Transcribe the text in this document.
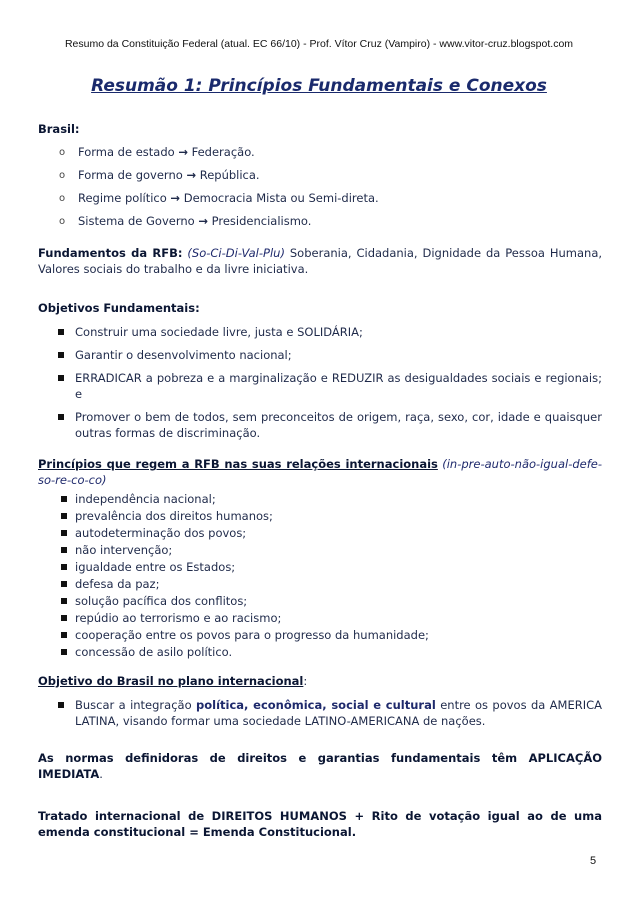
Resumo da Constituição Federal (atual. EC 66/10) - Prof. Vítor Cruz (Vampiro) - www.vitor-cruz.blogspot.com
Resumão 1: Princípios Fundamentais e Conexos
Brasil:
o Forma de estado → Federação.
o Forma de governo → República.
o Regime político → Democracia Mista ou Semi-direta.
o Sistema de Governo → Presidencialismo.
Fundamentos da RFB: (So-Ci-Di-Val-Plu) Soberania, Cidadania, Dignidade da Pessoa Humana, Valores sociais do trabalho e da livre iniciativa.
Objetivos Fundamentais:
Construir uma sociedade livre, justa e SOLIDÁRIA;
Garantir o desenvolvimento nacional;
ERRADICAR a pobreza e a marginalização e REDUZIR as desigualdades sociais e regionais; e
Promover o bem de todos, sem preconceitos de origem, raça, sexo, cor, idade e quaisquer outras formas de discriminação.
Princípios que regem a RFB nas suas relações internacionais (in-pre-auto-não-igual-defe-so-re-co-co)
independência nacional;
prevalência dos direitos humanos;
autodeterminação dos povos;
não intervenção;
igualdade entre os Estados;
defesa da paz;
solução pacífica dos conflitos;
repúdio ao terrorismo e ao racismo;
cooperação entre os povos para o progresso da humanidade;
concessão de asilo político.
Objetivo do Brasil no plano internacional:
Buscar a integração política, econômica, social e cultural entre os povos da AMERICA LATINA, visando formar uma sociedade LATINO-AMERICANA de nações.
As normas definidoras de direitos e garantias fundamentais têm APLICAÇÃO IMEDIATA.
Tratado internacional de DIREITOS HUMANOS + Rito de votação igual ao de uma emenda constitucional = Emenda Constitucional.
5
